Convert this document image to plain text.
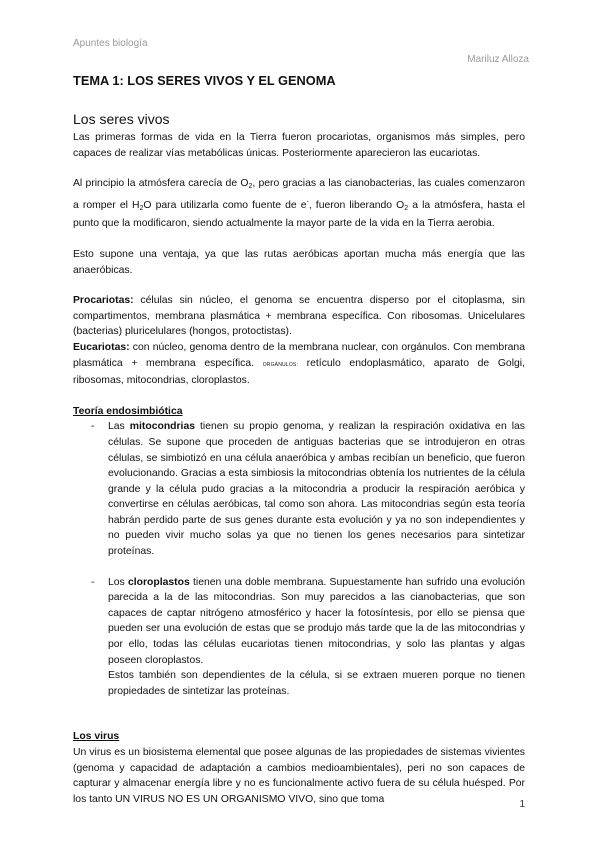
Apuntes biología
Mariluz Alloza
TEMA 1: LOS SERES VIVOS Y EL GENOMA
Los seres vivos

Las primeras formas de vida en la Tierra fueron procariotas, organismos más simples, pero capaces de realizar vías metabólicas únicas. Posteriormente aparecieron las eucariotas.

Al principio la atmósfera carecía de $O_2$, pero gracias a las cianobacterias, las cuales comenzaron a romper el $H_2O$ para utilizarla como fuente de e-, fueron liberando $O_2$ a la atmósfera, hasta el punto que la modificaron, siendo actualmente la mayor parte de la vida en la Tierra aerobia.

Esto supone una ventaja, ya que las rutas aeróbicas aportan mucha más energía que las anaeróbicas.

Procariotas: células sin núcleo, el genoma se encuentra disperso por el citoplasma, sin compartimentos, membrana plasmática + membrana específica. Con ribosomas. Unicelulares (bacterias) pluricelulares (hongos, protoctistas).

Eucariotas: con núcleo, genoma dentro de la membrana nuclear, con orgánulos. Con membrana plasmática + membrana específica. ORGÁNULOS: retículo endoplasmático, aparato de Golgi, ribosomas, mitocondrias, cloroplastos.

Teoría endosimbiótica
- Las mitocondrias tienen su propio genoma, y realizan la respiración oxidativa en las células. Se supone que proceden de antiguas bacterias que se introdujeron en otras células, se simbiotizó en una célula anaeróbica y ambas recibían un beneficio, que fueron evolucionando. Gracias a esta simbiosis la mitocondrias obtenía los nutrientes de la célula grande y la célula pudo gracias a la mitocondria a producir la respiración aeróbica y convertirse en células aeróbicas, tal como son ahora. Las mitocondrias según esta teoría habrán perdido parte de sus genes durante esta evolución y ya no son independientes y no pueden vivir mucho solas ya que no tienen los genes necesarios para sintetizar proteínas.
- Los cloroplastos tienen una doble membrana. Supuestamente han sufrido una evolución parecida a la de las mitocondrias. Son muy parecidos a las cianobacterias, que son capaces de captar nitrógeno atmosférico y hacer la fotosíntesis, por ello se piensa que pueden ser una evolución de estas que se produjo más tarde que la de las mitocondrias y por ello, todas las células eucariotas tienen mitocondrias, y solo las plantas y algas poseen cloroplastos.
Estos también son dependientes de la célula, si se extraen mueren porque no tienen propiedades de sintetizar las proteínas.
Los virus

Un virus es un biosistema elemental que posee algunas de las propiedades de sistemas vivientes (genoma y capacidad de adaptación a cambios medioambientales), peri no son capaces de capturar y almacenar energía libre y no es funcionalmente activo fuera de su célula huésped. Por los tanto UN VIRUS NO ES UN ORGANISMO VIVO, sino que toma	1
